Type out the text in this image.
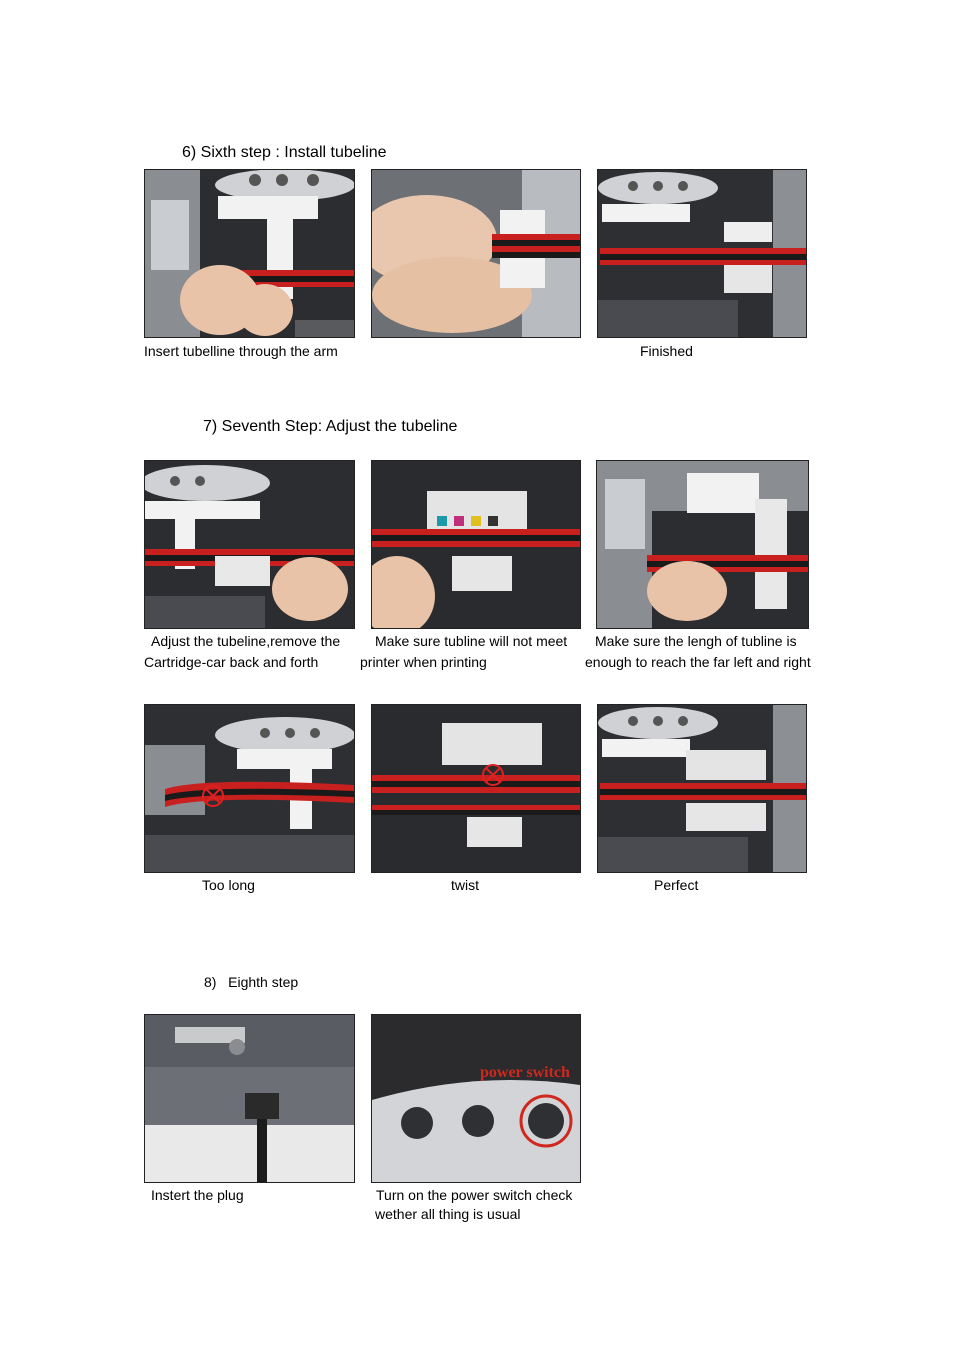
6) Sixth step : Install tubeline
Insert tubelline through the arm	Finished
7) Seventh Step: Adjust the tubeline
Adjust the tubeline,remove the
Cartridge-car back and forth
Make sure tubline will not meet
printer when printing
Make sure the lengh of tubline is
enough to reach the far left and right
Too long	twist	Perfect
8)   Eighth step
power switch
Instert the plug	Turn on the power switch check
wether all thing is usual
